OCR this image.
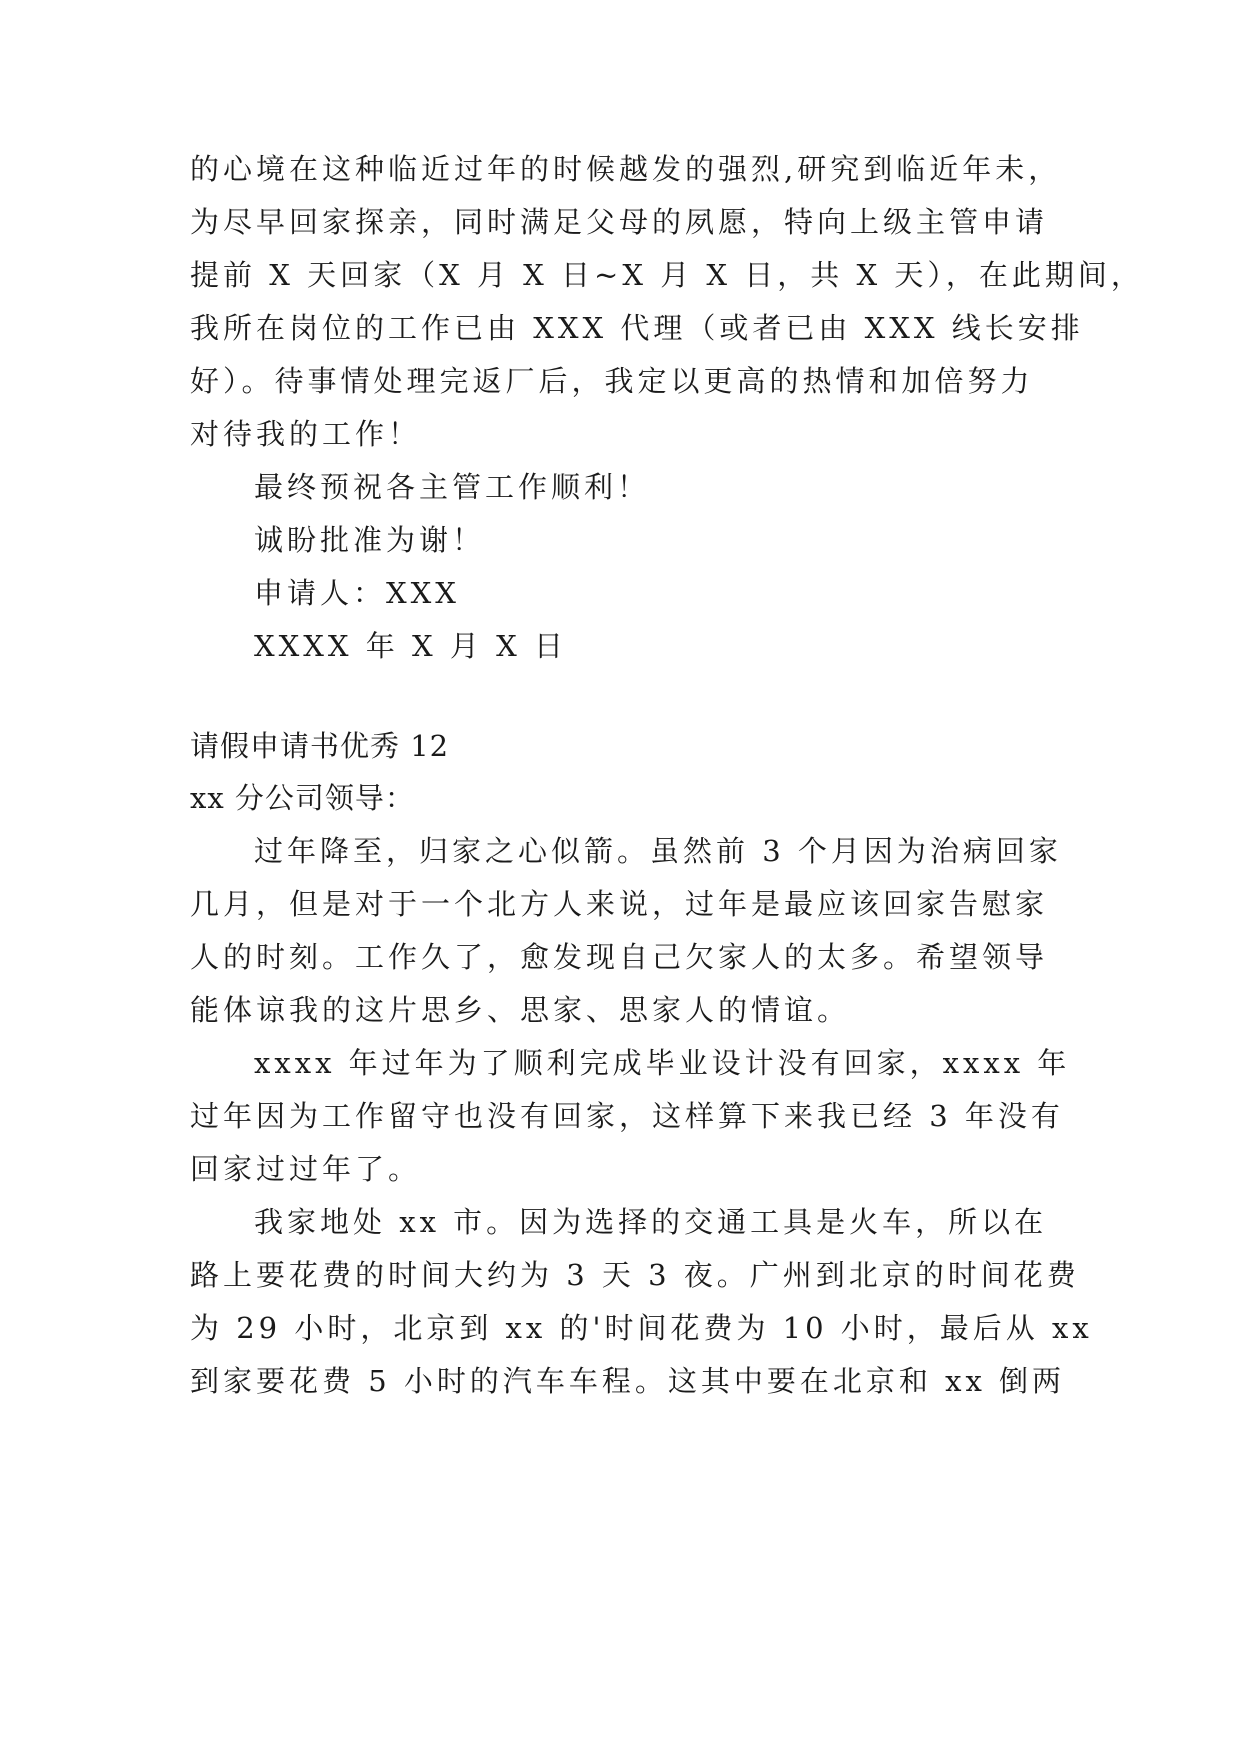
的心境在这种临近过年的时候越发的强烈,研究到临近年未，
为尽早回家探亲，同时满足父母的夙愿，特向上级主管申请
提前 X 天回家（X 月 X 日~X 月 X 日，共 X 天），在此期间，
我所在岗位的工作已由 XXX 代理（或者已由 XXX 线长安排
好）。待事情处理完返厂后，我定以更高的热情和加倍努力
对待我的工作！
最终预祝各主管工作顺利！
诚盼批准为谢！
申请人：XXX
XXXX 年 X 月 X 日
请假申请书优秀 12
xx 分公司领导：
过年降至，归家之心似箭。虽然前 3 个月因为治病回家
几月，但是对于一个北方人来说，过年是最应该回家告慰家
人的时刻。工作久了，愈发现自己欠家人的太多。希望领导
能体谅我的这片思乡、思家、思家人的情谊。
xxxx 年过年为了顺利完成毕业设计没有回家，xxxx 年
过年因为工作留守也没有回家，这样算下来我已经 3 年没有
回家过过年了。
我家地处 xx 市。因为选择的交通工具是火车，所以在
路上要花费的时间大约为 3 天 3 夜。广州到北京的时间花费
为 29 小时，北京到 xx 的'时间花费为 10 小时，最后从 xx
到家要花费 5 小时的汽车车程。这其中要在北京和 xx 倒两
